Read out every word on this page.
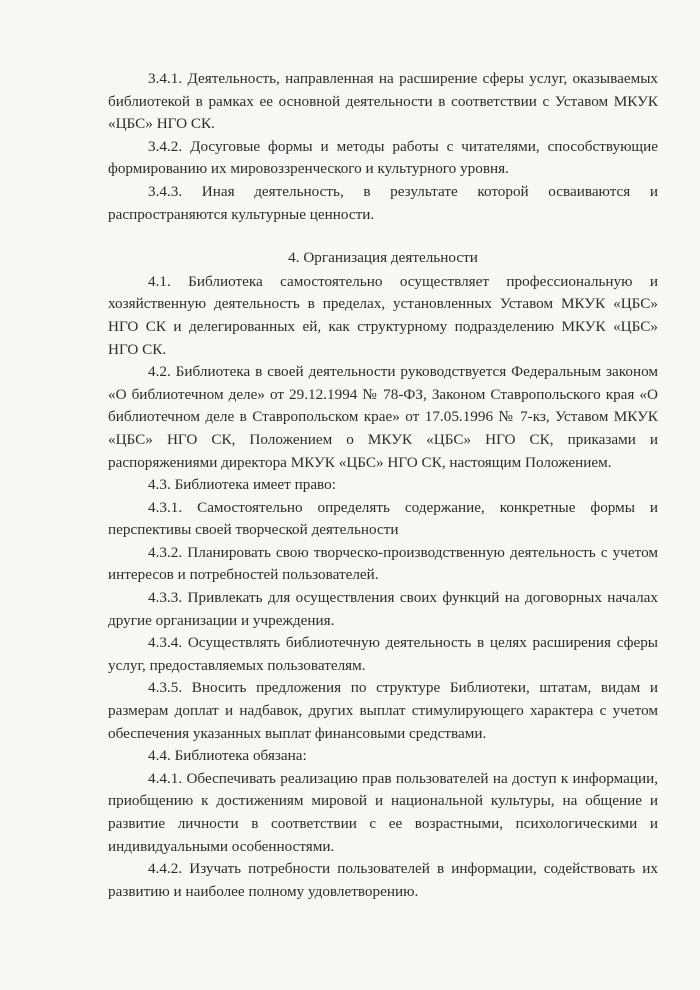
3.4.1. Деятельность, направленная на расширение сферы услуг, оказываемых библиотекой в рамках ее основной деятельности в соответствии с Уставом МКУК «ЦБС» НГО СК.

3.4.2. Досуговые формы и методы работы с читателями, способствующие формированию их мировоззренческого и культурного уровня.

3.4.3. Иная деятельность, в результате которой осваиваются и распространяются культурные ценности.

4. Организация деятельности

4.1. Библиотека самостоятельно осуществляет профессиональную и хозяйственную деятельность в пределах, установленных Уставом МКУК «ЦБС» НГО СК и делегированных ей, как структурному подразделению МКУК «ЦБС» НГО СК.

4.2. Библиотека в своей деятельности руководствуется Федеральным законом «О библиотечном деле» от 29.12.1994 № 78-ФЗ, Законом Ставропольского края «О библиотечном деле в Ставропольском крае» от 17.05.1996 № 7-кз, Уставом МКУК «ЦБС» НГО СК, Положением о МКУК «ЦБС» НГО СК, приказами и распоряжениями директора МКУК «ЦБС» НГО СК, настоящим Положением.

4.3. Библиотека имеет право:

4.3.1. Самостоятельно определять содержание, конкретные формы и перспективы своей творческой деятельности

4.3.2. Планировать свою творческо-производственную деятельность с учетом интересов и потребностей пользователей.

4.3.3. Привлекать для осуществления своих функций на договорных началах другие организации и учреждения.

4.3.4. Осуществлять библиотечную деятельность в целях расширения сферы услуг, предоставляемых пользователям.

4.3.5. Вносить предложения по структуре Библиотеки, штатам, видам и размерам доплат и надбавок, других выплат стимулирующего характера с учетом обеспечения указанных выплат финансовыми средствами.

4.4. Библиотека обязана:

4.4.1. Обеспечивать реализацию прав пользователей на доступ к информации, приобщению к достижениям мировой и национальной культуры, на общение и развитие личности в соответствии с ее возрастными, психологическими и индивидуальными особенностями.

4.4.2. Изучать потребности пользователей в информации, содействовать их развитию и наиболее полному удовлетворению.
